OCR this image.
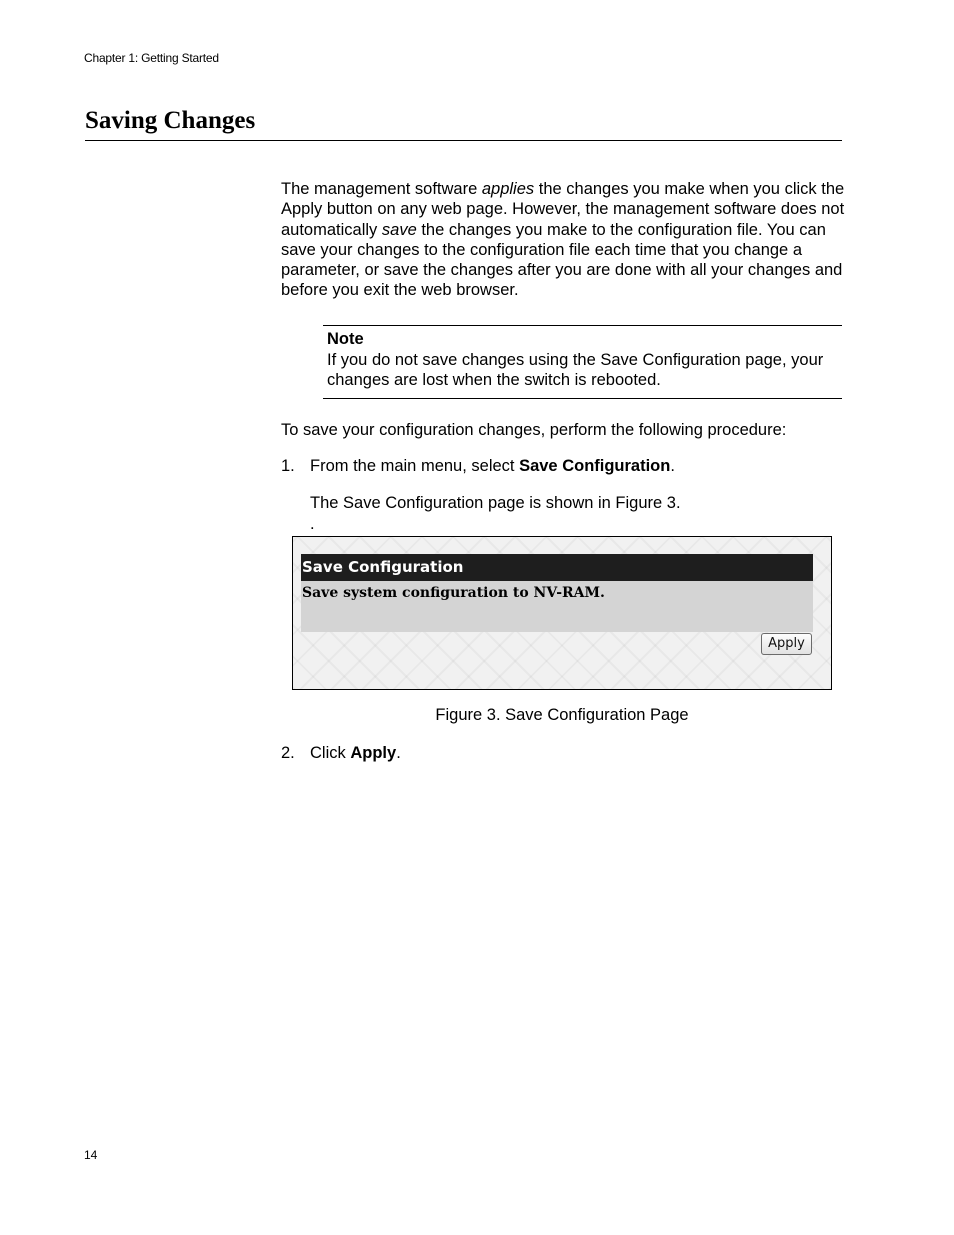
Chapter 1: Getting Started
Saving Changes

The management software applies the changes you make when you click the Apply button on any web page. However, the management software does not automatically save the changes you make to the configuration file. You can save your changes to the configuration file each time that you change a parameter, or save the changes after you are done with all your changes and before you exit the web browser.

Note

If you do not save changes using the Save Configuration page, your changes are lost when the switch is rebooted.

To save your configuration changes, perform the following procedure:

1. From the main menu, select Save Configuration.
The Save Configuration page is shown in Figure 3.
.
Save Configuration
Save system configuration to NV-RAM.
Apply
Figure 3. Save Configuration Page
2. Click Apply.
14
